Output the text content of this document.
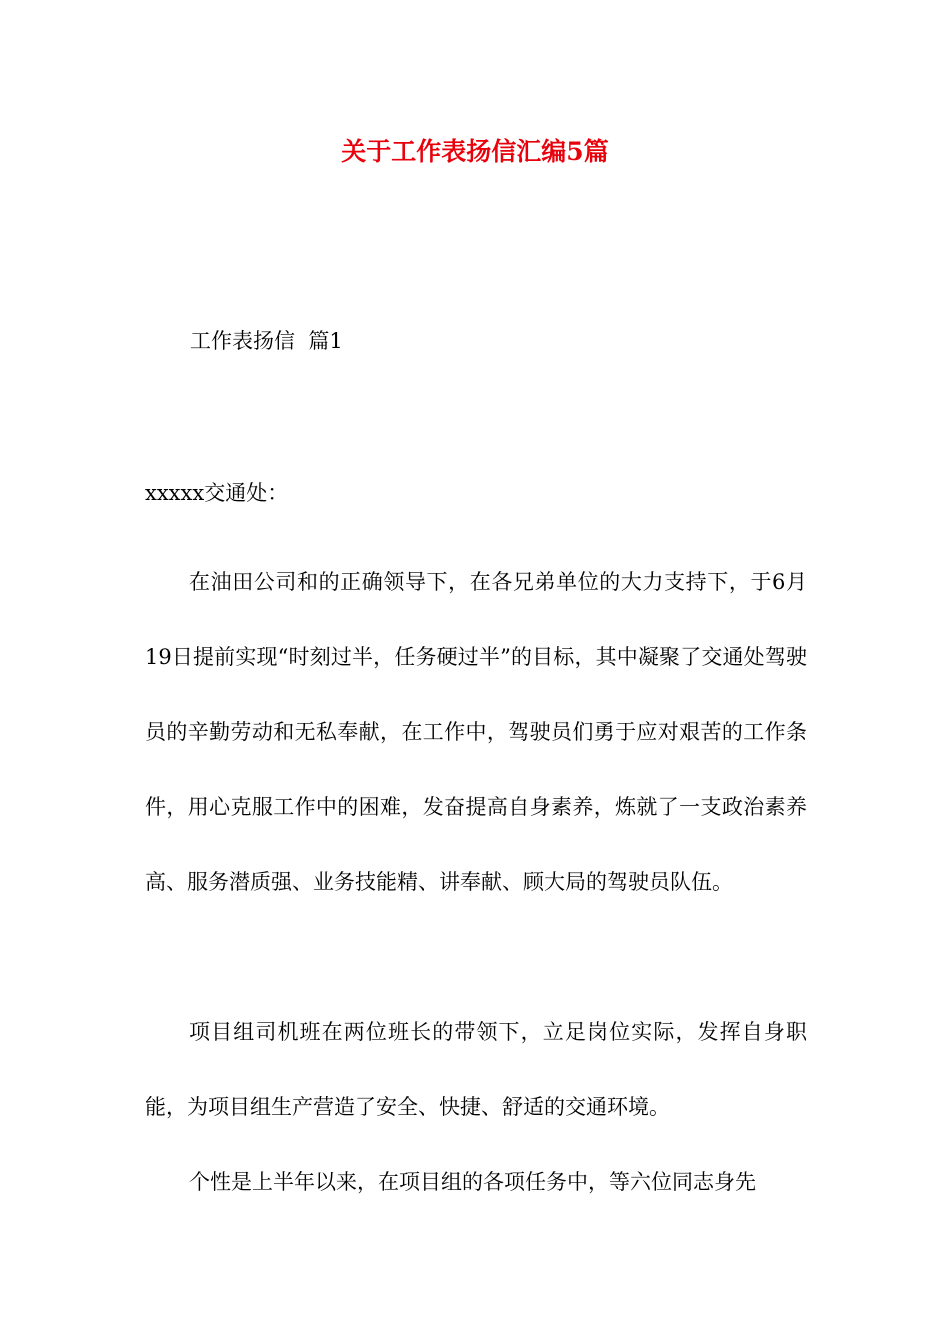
关于工作表扬信汇编5篇
工作表扬信  篇1
xxxxx交通处：

在油田公司和的正确领导下，在各兄弟单位的大力支持下，于6月19日提前实现“时刻过半，任务硬过半”的目标，其中凝聚了交通处驾驶员的辛勤劳动和无私奉献，在工作中，驾驶员们勇于应对艰苦的工作条件，用心克服工作中的困难，发奋提高自身素养，炼就了一支政治素养高、服务潜质强、业务技能精、讲奉献、顾大局的驾驶员队伍。

项目组司机班在两位班长的带领下，立足岗位实际，发挥自身职能，为项目组生产营造了安全、快捷、舒适的交通环境。

个性是上半年以来，在项目组的各项任务中，等六位同志身先
